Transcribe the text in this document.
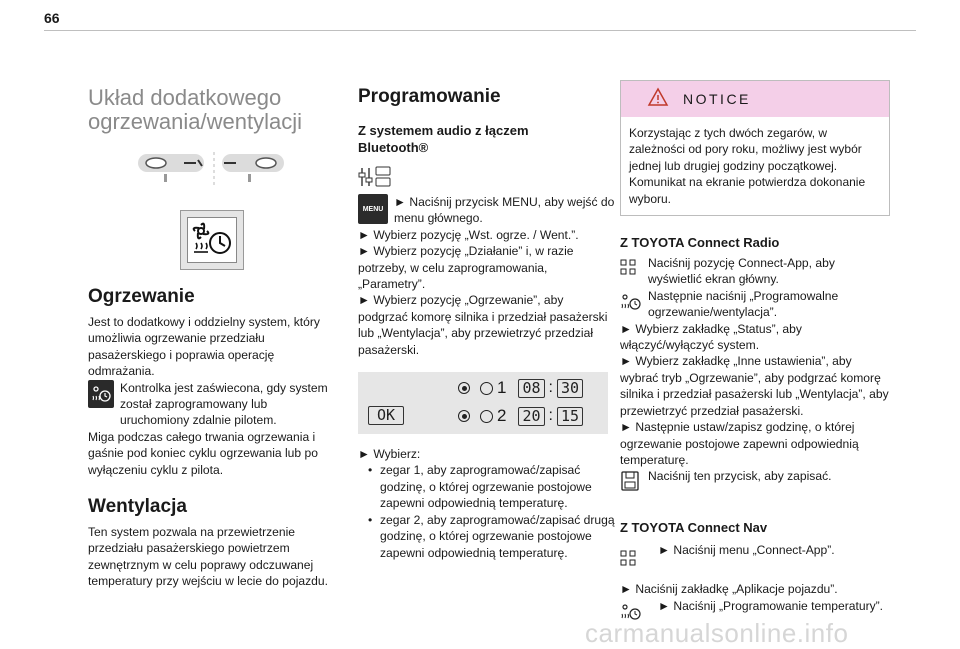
66
Układ dodatkowego ogrzewania/wentylacji
Ogrzewanie

Jest to dodatkowy i oddzielny system, który umożliwia ogrzewanie przedziału pasażerskiego i poprawia operację odmrażania.

Kontrolka jest zaświecona, gdy system został zaprogramowany lub uruchomiony zdalnie pilotem.

Miga podczas całego trwania ogrzewania i gaśnie pod koniec cyklu ogrzewania lub po wyłączeniu cyklu z pilota.

Wentylacja

Ten system pozwala na przewietrzenie przedziału pasażerskiego powietrzem zewnętrznym w celu poprawy odczuwanej temperatury przy wejściu w lecie do pojazdu.

Programowanie
Z systemem audio z łączem Bluetooth®
MENU ► Naciśnij przycisk MENU, aby wejść do menu głównego.

► Wybierz pozycję „Wst. ogrze. / Went.”.

► Wybierz pozycję „Działanie” i, w razie potrzeby, w celu zaprogramowania, „Parametry”.

► Wybierz pozycję „Ogrzewanie”, aby podgrzać komorę silnika i przedział pasażerski lub „Wentylacja”, aby przewietrzyć przedział pasażerski.

OK
1 08 : 30
2 20 : 15

► Wybierz:

• zegar 1, aby zaprogramować/zapisać godzinę, o której ogrzewanie postojowe zapewni odpowiednią temperaturę.
• zegar 2, aby zaprogramować/zapisać drugą godzinę, o której ogrzewanie postojowe zapewni odpowiednią temperaturę.
NOTICE
Korzystając z tych dwóch zegarów, w zależności od pory roku, możliwy jest wybór jednej lub drugiej godziny początkowej. Komunikat na ekranie potwierdza dokonanie wyboru.
Z TOYOTA Connect Radio

Naciśnij pozycję Connect-App, aby wyświetlić ekran główny.

Następnie naciśnij „Programowalne ogrzewanie/wentylacja”.

► Wybierz zakładkę „Status”, aby włączyć/wyłączyć system.

► Wybierz zakładkę „Inne ustawienia”, aby wybrać tryb „Ogrzewanie”, aby podgrzać komorę silnika i przedział pasażerski lub „Wentylacja”, aby przewietrzyć przedział pasażerski.

► Następnie ustaw/zapisz godzinę, o której ogrzewanie postojowe zapewni odpowiednią temperaturę.

Naciśnij ten przycisk, aby zapisać.

Z TOYOTA Connect Nav

► Naciśnij menu „Connect-App”.

► Naciśnij zakładkę „Aplikacje pojazdu”.

► Naciśnij „Programowanie temperatury”.

carmanualsonline.info
